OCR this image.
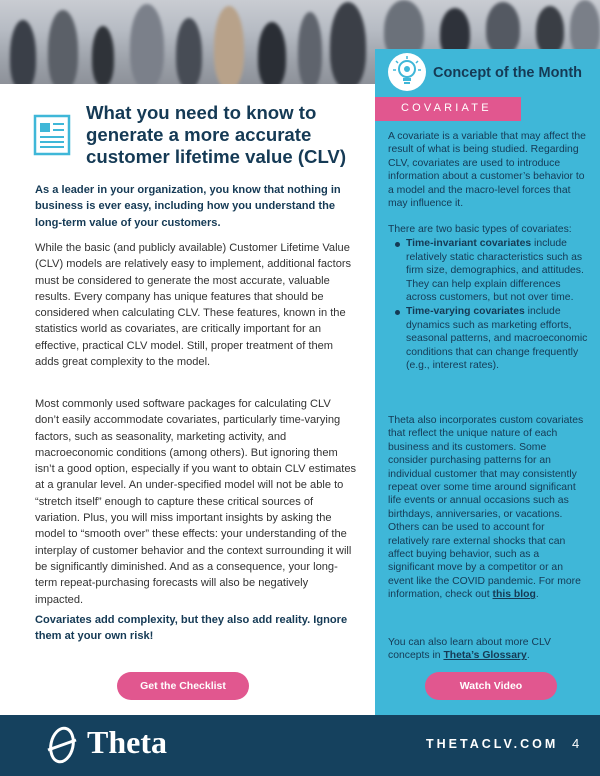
Concept of the Month
COVARIATE
A covariate is a variable that may affect the result of what is being studied. Regarding CLV, covariates are used to introduce information about a customer’s behavior to a model and the macro-level forces that may influence it.
There are two basic types of covariates:
Time-invariant covariates include relatively static characteristics such as firm size, demographics, and attitudes. They can help explain differences across customers, but not over time.
Time-varying covariates include dynamics such as marketing efforts, seasonal patterns, and macroeconomic conditions that can change frequently (e.g., interest rates).
Theta also incorporates custom covariates that reflect the unique nature of each business and its customers. Some consider purchasing patterns for an individual customer that may consistently repeat over some time around significant life events or annual occasions such as birthdays, anniversaries, or vacations. Others can be used to account for relatively rare external shocks that can affect buying behavior, such as a significant move by a competitor or an event like the COVID pandemic. For more information, check out this blog.
You can also learn about more CLV concepts in Theta’s Glossary.
What you need to know to generate a more accurate customer lifetime value (CLV)
As a leader in your organization, you know that nothing in business is ever easy, including how you understand the long-term value of your customers.
While the basic (and publicly available) Customer Lifetime Value (CLV) models are relatively easy to implement, additional factors must be considered to generate the most accurate, valuable results. Every company has unique features that should be considered when calculating CLV. These features, known in the statistics world as covariates, are critically important for an effective, practical CLV model. Still, proper treatment of them adds great complexity to the model.
Most commonly used software packages for calculating CLV don’t easily accommodate covariates, particularly time-varying factors, such as seasonality, marketing activity, and macroeconomic conditions (among others). But ignoring them isn’t a good option, especially if you want to obtain CLV estimates at a granular level. An under-specified model will not be able to “stretch itself” enough to capture these critical sources of variation. Plus, you will miss important insights by asking the model to “smooth over” these effects: your understanding of the interplay of customer behavior and the context surrounding it will be significantly diminished. And as a consequence, your long-term repeat-purchasing forecasts will also be negatively impacted.
Covariates add complexity, but they also add reality. Ignore them at your own risk!
Get the Checklist	Watch Video
Theta	THETACLV.COM 4
